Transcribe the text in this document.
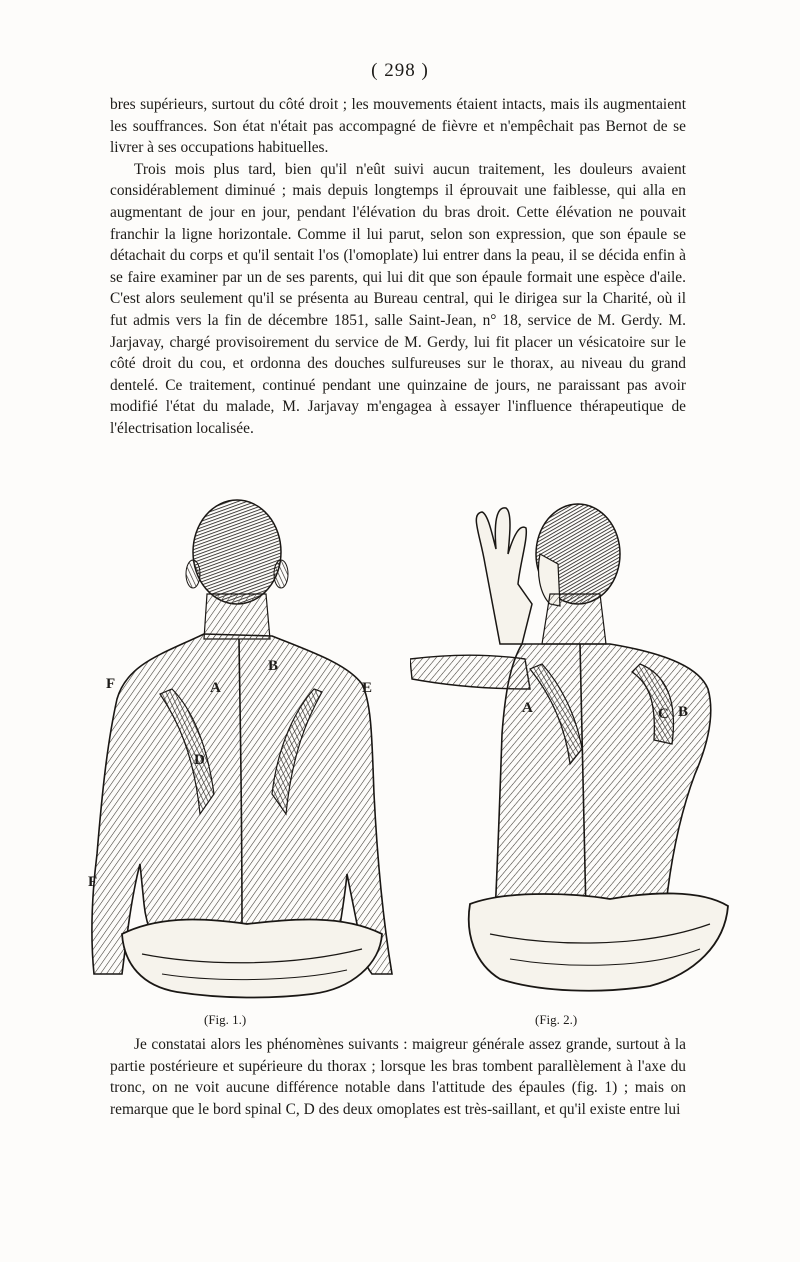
( 298 )

bres supérieurs, surtout du côté droit ; les mouvements étaient intacts, mais ils augmentaient les souffrances. Son état n'était pas accompagné de fièvre et n'empêchait pas Bernot de se livrer à ses occupations habituelles.

Trois mois plus tard, bien qu'il n'eût suivi aucun traitement, les douleurs avaient considérablement diminué ; mais depuis longtemps il éprouvait une faiblesse, qui alla en augmentant de jour en jour, pendant l'élévation du bras droit. Cette élévation ne pouvait franchir la ligne horizontale. Comme il lui parut, selon son expression, que son épaule se détachait du corps et qu'il sentait l'os (l'omoplate) lui entrer dans la peau, il se décida enfin à se faire examiner par un de ses parents, qui lui dit que son épaule formait une espèce d'aile. C'est alors seulement qu'il se présenta au Bureau central, qui le dirigea sur la Charité, où il fut admis vers la fin de décembre 1851, salle Saint-Jean, n° 18, service de M. Gerdy. M. Jarjavay, chargé provisoirement du service de M. Gerdy, lui fit placer un vésicatoire sur le côté droit du cou, et ordonna des douches sulfureuses sur le thorax, au niveau du grand dentelé. Ce traitement, continué pendant une quinzaine de jours, ne paraissant pas avoir modifié l'état du malade, M. Jarjavay m'engagea à essayer l'influence thérapeutique de l'électrisation localisée.

F	A
B
E
D
F
A	C B
(Fig. 1.)	(Fig. 2.)

Je constatai alors les phénomènes suivants : maigreur générale assez grande, surtout à la partie postérieure et supérieure du thorax ; lorsque les bras tombent parallèlement à l'axe du tronc, on ne voit aucune différence notable dans l'attitude des épaules (fig. 1) ; mais on remarque que le bord spinal C, D des deux omoplates est très-saillant, et qu'il existe entre lui
